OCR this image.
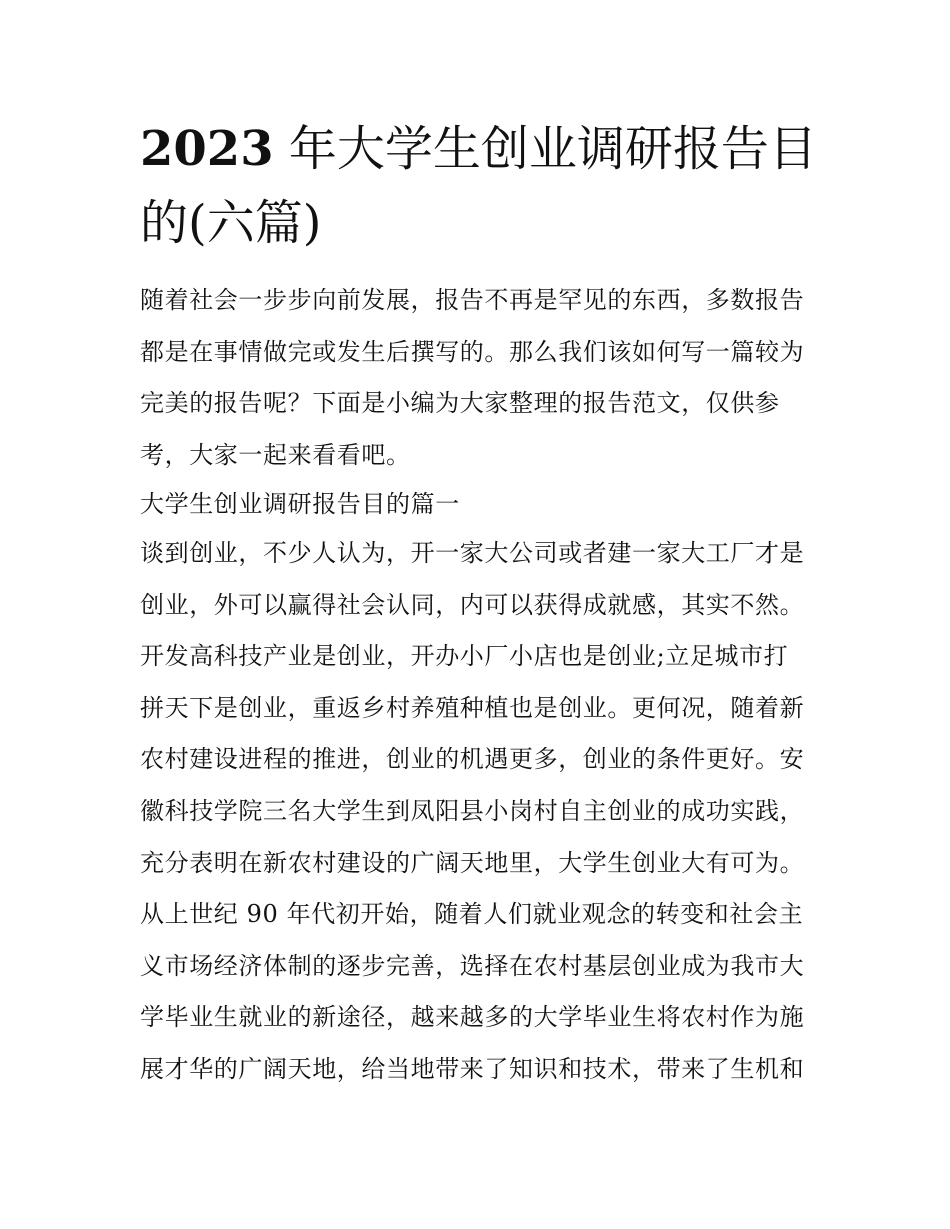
2023 年大学生创业调研报告目
的(六篇)
随着社会一步步向前发展，报告不再是罕见的东西，多数报告
都是在事情做完或发生后撰写的。那么我们该如何写一篇较为
完美的报告呢？下面是小编为大家整理的报告范文，仅供参
考，大家一起来看看吧。
大学生创业调研报告目的篇一
谈到创业，不少人认为，开一家大公司或者建一家大工厂才是
创业，外可以赢得社会认同，内可以获得成就感，其实不然。
开发高科技产业是创业，开办小厂小店也是创业;立足城市打
拼天下是创业，重返乡村养殖种植也是创业。更何况，随着新
农村建设进程的推进，创业的机遇更多，创业的条件更好。安
徽科技学院三名大学生到凤阳县小岗村自主创业的成功实践，
充分表明在新农村建设的广阔天地里，大学生创业大有可为。
从上世纪 90 年代初开始，随着人们就业观念的转变和社会主
义市场经济体制的逐步完善，选择在农村基层创业成为我市大
学毕业生就业的新途径，越来越多的大学毕业生将农村作为施
展才华的广阔天地，给当地带来了知识和技术，带来了生机和
